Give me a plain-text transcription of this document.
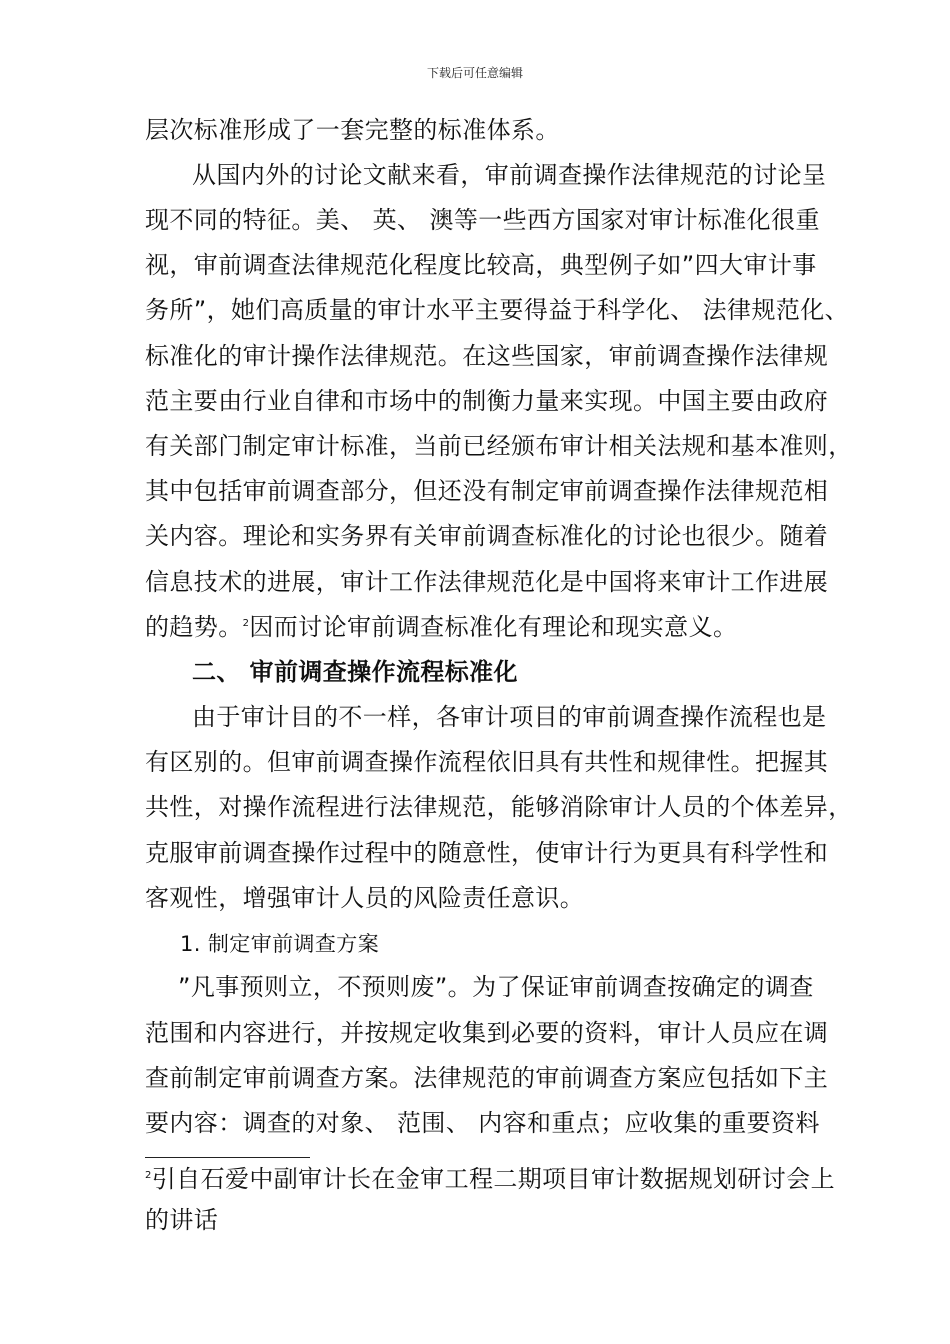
下载后可任意编辑
层次标准形成了一套完整的标准体系。
从国内外的讨论文献来看，审前调查操作法律规范的讨论呈
现不同的特征。美、 英、 澳等一些西方国家对审计标准化很重
视，审前调查法律规范化程度比较高，典型例子如”四大审计事
务所”，她们高质量的审计水平主要得益于科学化、 法律规范化、
标准化的审计操作法律规范。在这些国家，审前调查操作法律规
范主要由行业自律和市场中的制衡力量来实现。中国主要由政府
有关部门制定审计标准，当前已经颁布审计相关法规和基本准则，
其中包括审前调查部分，但还没有制定审前调查操作法律规范相
关内容。理论和实务界有关审前调查标准化的讨论也很少。随着
信息技术的进展，审计工作法律规范化是中国将来审计工作进展
的趋势。$^2$因而讨论审前调查标准化有理论和现实意义。
二、 审前调查操作流程标准化
由于审计目的不一样，各审计项目的审前调查操作流程也是
有区别的。但审前调查操作流程依旧具有共性和规律性。把握其
共性，对操作流程进行法律规范，能够消除审计人员的个体差异，
克服审前调查操作过程中的随意性，使审计行为更具有科学性和
客观性，增强审计人员的风险责任意识。
1. 制定审前调查方案
”凡事预则立，不预则废”。为了保证审前调查按确定的调查
范围和内容进行，并按规定收集到必要的资料，审计人员应在调
查前制定审前调查方案。法律规范的审前调查方案应包括如下主
要内容：调查的对象、 范围、 内容和重点；应收集的重要资料
$^2$引自石爱中副审计长在金审工程二期项目审计数据规划研讨会上
的讲话
